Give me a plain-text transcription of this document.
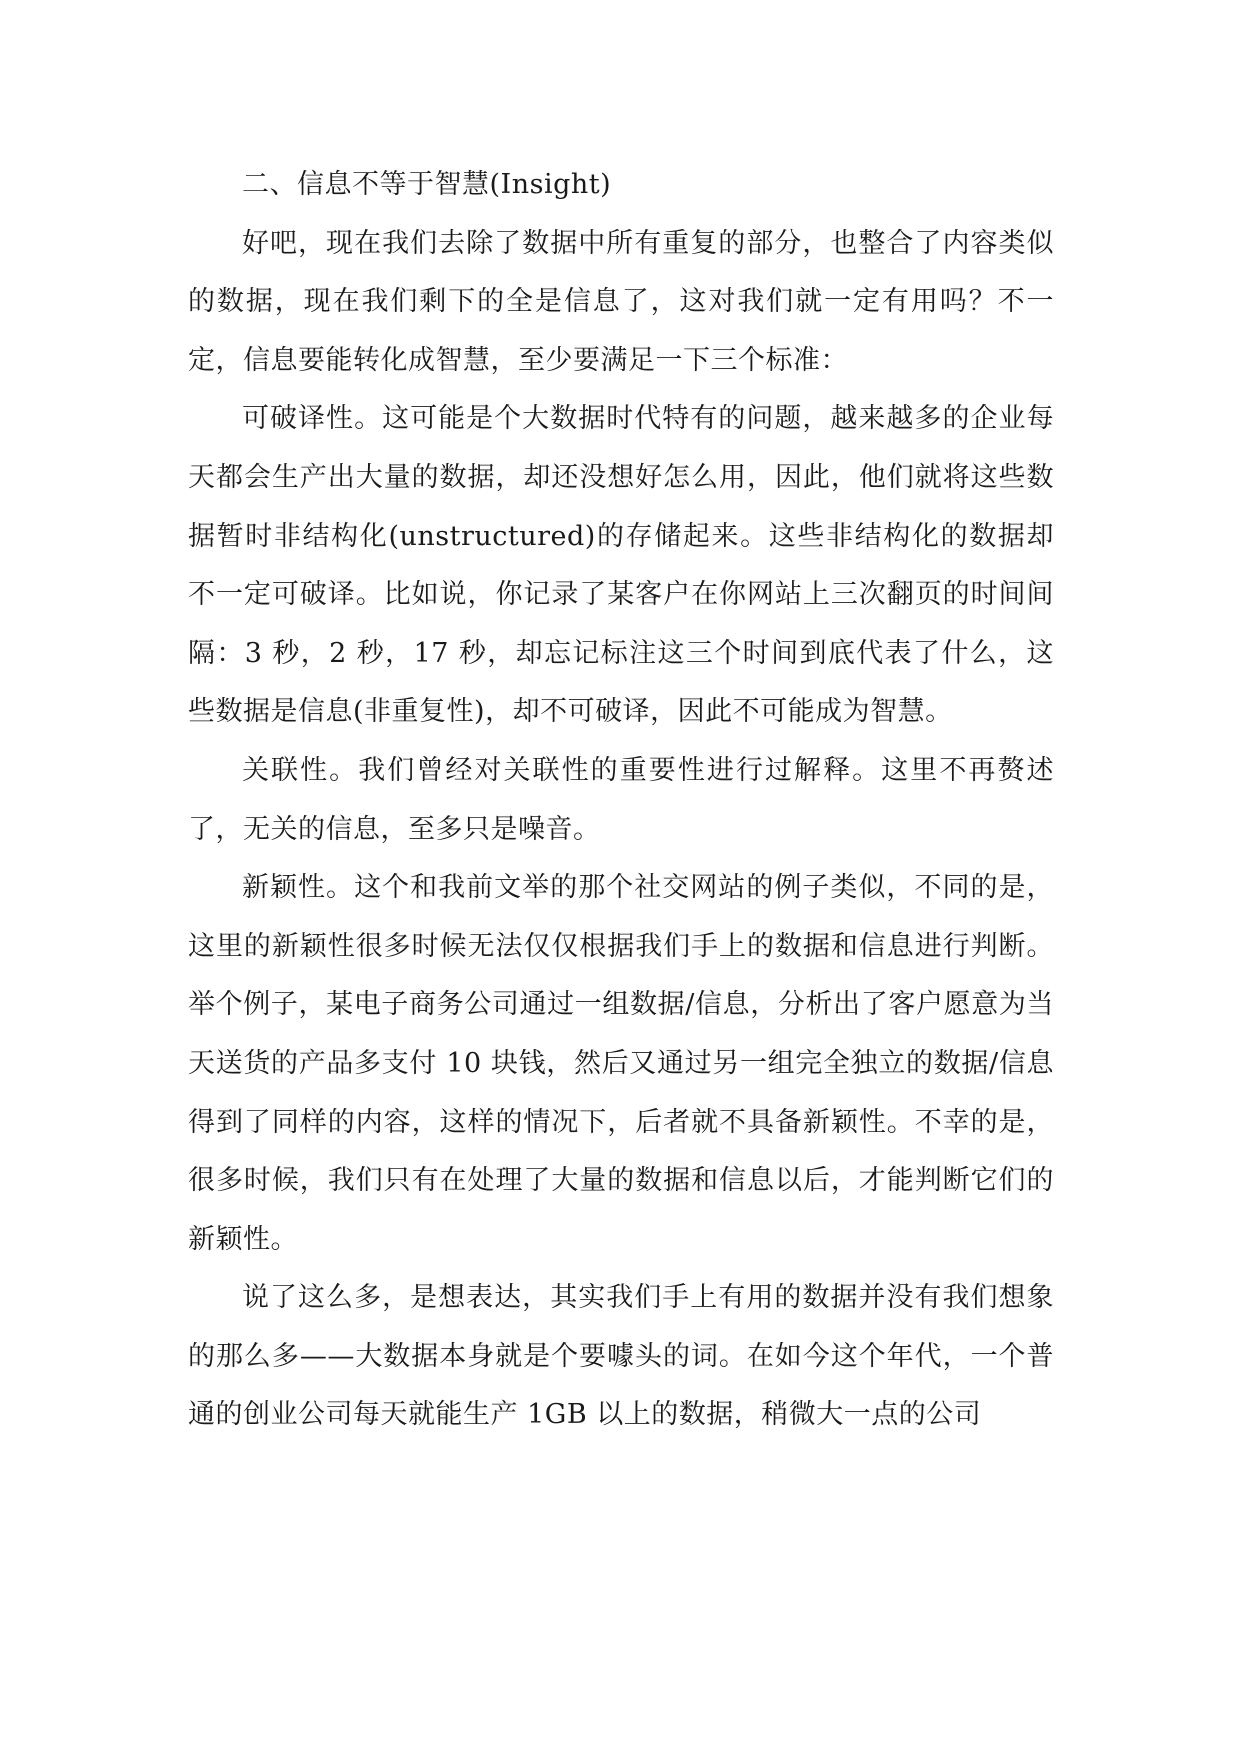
二、信息不等于智慧(Insight)

好吧，现在我们去除了数据中所有重复的部分，也整合了内容类似的数据，现在我们剩下的全是信息了，这对我们就一定有用吗？不一定，信息要能转化成智慧，至少要满足一下三个标准：

可破译性。这可能是个大数据时代特有的问题，越来越多的企业每天都会生产出大量的数据，却还没想好怎么用，因此，他们就将这些数据暂时非结构化(unstructured)的存储起来。这些非结构化的数据却不一定可破译。比如说，你记录了某客户在你网站上三次翻页的时间间隔：3 秒，2 秒，17 秒，却忘记标注这三个时间到底代表了什么，这些数据是信息(非重复性)，却不可破译，因此不可能成为智慧。

关联性。我们曾经对关联性的重要性进行过解释。这里不再赘述了，无关的信息，至多只是噪音。

新颖性。这个和我前文举的那个社交网站的例子类似，不同的是，这里的新颖性很多时候无法仅仅根据我们手上的数据和信息进行判断。举个例子，某电子商务公司通过一组数据/信息，分析出了客户愿意为当天送货的产品多支付 10 块钱，然后又通过另一组完全独立的数据/信息得到了同样的内容，这样的情况下，后者就不具备新颖性。不幸的是，很多时候，我们只有在处理了大量的数据和信息以后，才能判断它们的新颖性。

说了这么多，是想表达，其实我们手上有用的数据并没有我们想象的那么多——大数据本身就是个要噱头的词。在如今这个年代，一个普通的创业公司每天就能生产 1GB 以上的数据，稍微大一点的公司
